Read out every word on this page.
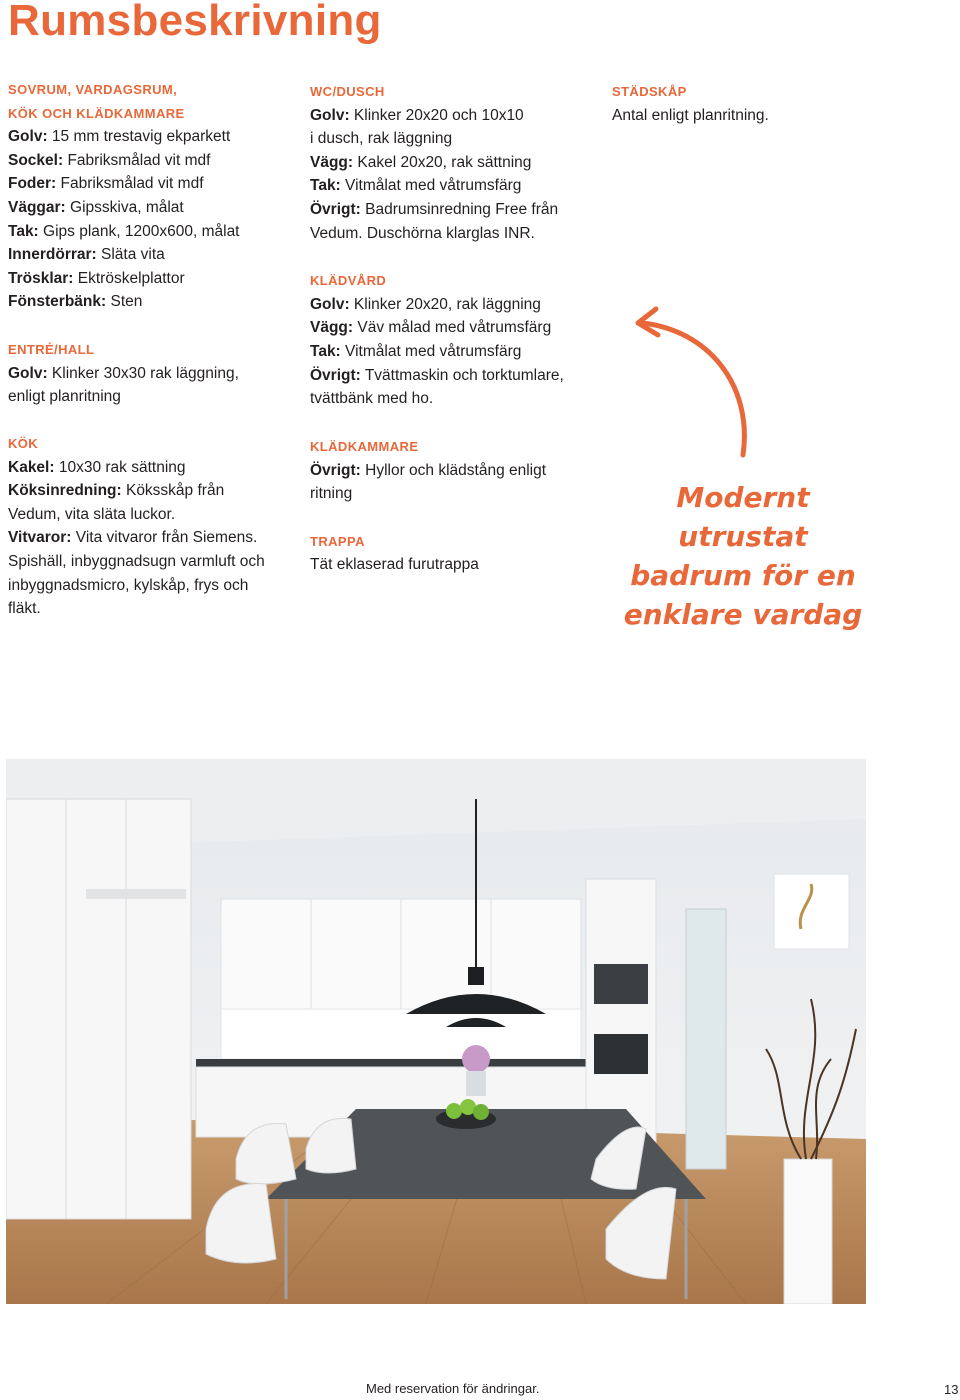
Rumsbeskrivning
SOVRUM, VARDAGSRUM,
KÖK OCH KLÄDKAMMARE
Golv: 15 mm trestavig ekparkett
Sockel: Fabriksmålad vit mdf
Foder: Fabriksmålad vit mdf
Väggar: Gipsskiva, målat
Tak: Gips plank, 1200x600, målat
Innerdörrar: Släta vita
Trösklar: Ektröskelplattor
Fönsterbänk: Sten
ENTRÉ/HALL
Golv: Klinker 30x30 rak läggning,
enligt planritning
KÖK
Kakel: 10x30 rak sättning
Köksinredning: Köksskåp från
Vedum, vita släta luckor.
Vitvaror: Vita vitvaror från Siemens.
Spishäll, inbyggnadsugn varmluft och
inbyggnadsmicro, kylskåp, frys och
fläkt.
WC/DUSCH
Golv: Klinker 20x20 och 10x10
i dusch, rak läggning
Vägg: Kakel 20x20, rak sättning
Tak: Vitmålat med våtrumsfärg
Övrigt: Badrumsinredning Free från
Vedum. Duschörna klarglas INR.
KLÄDVÅRD
Golv: Klinker 20x20, rak läggning
Vägg: Väv målad med våtrumsfärg
Tak: Vitmålat med våtrumsfärg
Övrigt: Tvättmaskin och torktumlare,
tvättbänk med ho.
KLÄDKAMMARE
Övrigt: Hyllor och klädstång enligt
ritning
TRAPPA
Tät eklaserad furutrappa
STÄDSKÅP
Antal enligt planritning.
Modernt utrustat
badrum för en
enklare vardag
Med reservation för ändringar.	13
